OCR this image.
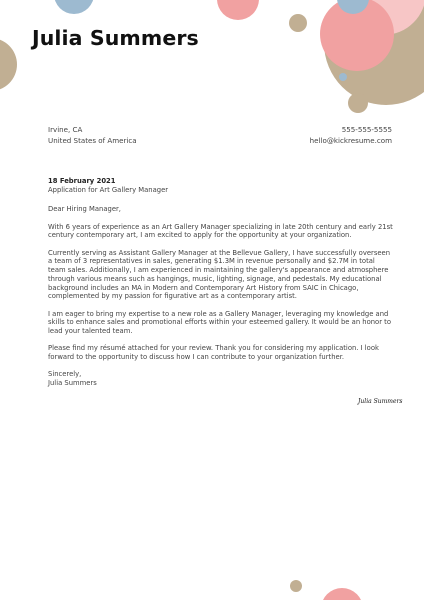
Julia Summers
Irvine, CA
United States of America
555-555-5555
hello@kickresume.com

18 February 2021

Application for Art Gallery Manager

Dear Hiring Manager,

With 6 years of experience as an Art Gallery Manager specializing in late 20th century and early 21st century contemporary art, I am excited to apply for the opportunity at your organization.

Currently serving as Assistant Gallery Manager at the Bellevue Gallery, I have successfully overseen a team of 3 representatives in sales, generating $1.3M in revenue personally and $2.7M in total team sales. Additionally, I am experienced in maintaining the gallery's appearance and atmosphere through various means such as hangings, music, lighting, signage, and pedestals. My educational background includes an MA in Modern and Contemporary Art History from SAIC in Chicago, complemented by my passion for figurative art as a contemporary artist.

I am eager to bring my expertise to a new role as a Gallery Manager, leveraging my knowledge and skills to enhance sales and promotional efforts within your esteemed gallery. It would be an honor to lead your talented team.

Please find my résumé attached for your review. Thank you for considering my application. I look forward to the opportunity to discuss how I can contribute to your organization further.

Sincerely,
Julia Summers

Julia Summers
